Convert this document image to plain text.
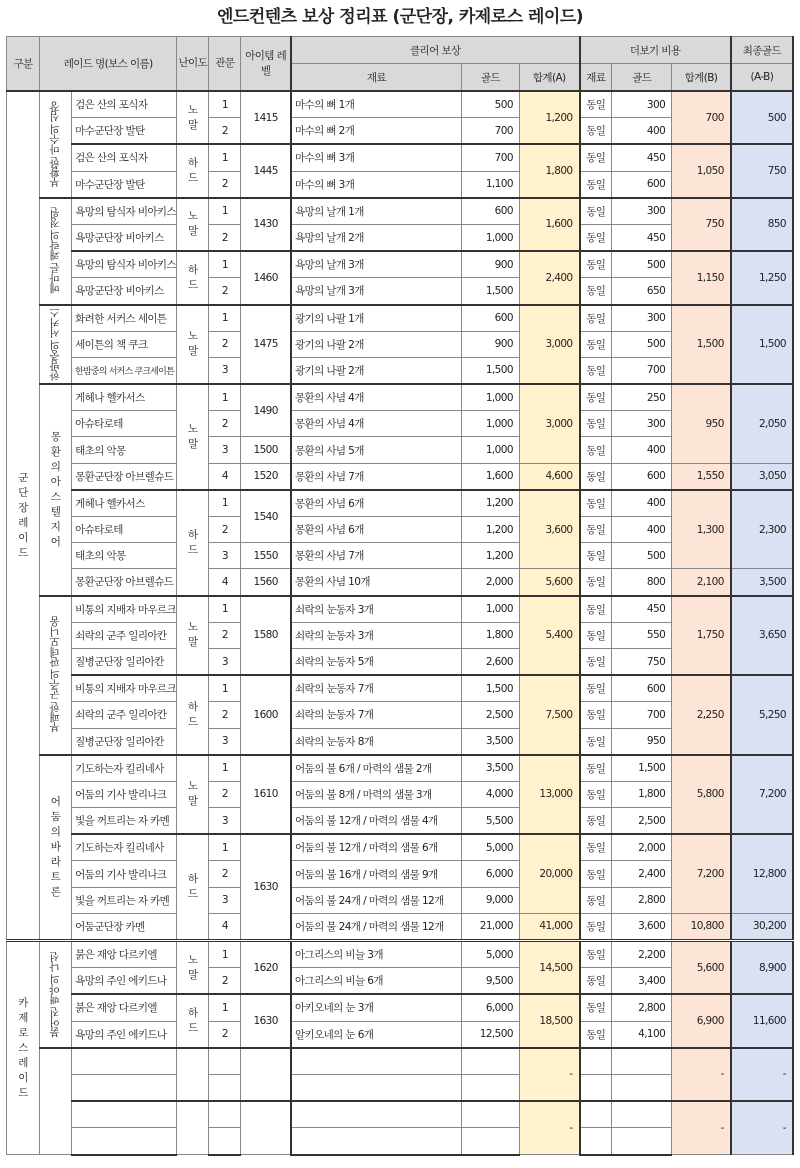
엔드컨텐츠 보상 정리표 (군단장, 카제로스 레이드)
구분	레이드 명(보스 이름)		난이도	관문	아이템 레벨	클리어 보상			더보기 비용			최종골드
						재료	골드	합계(A)	재료	골드	합계(B)	(A-B)
군단장 레이드	부활한 마수의 심장	검은 산의 포식자	노말	1	1415	마수의 뼈 1개	500	1,200	동일	300	700	500
		마수군단장 발탄		2		마수의 뼈 2개	700		동일	400		
		검은 산의 포식자	하드	1	1445	마수의 뼈 3개	700	1,800	동일	450	1,050	750
		마수군단장 발탄		2		마수의 뼈 3개	1,100		동일	600		

	메마른 쾌락의 정원	욕망의 탐식자 비아키스	노말	1	1430	욕망의 날개 1개	600	1,600	동일	300	750	850
		욕망군단장 비아키스		2		욕망의 날개 2개	1,000		동일	450		
		욕망의 탐식자 비아키스	하드	1	1460	욕망의 날개 3개	900	2,400	동일	500	1,150	1,250
		욕망군단장 비아키스		2		욕망의 날개 3개	1,500		동일	650		

	한밤중의 서커스	화려한 서커스 세이튼	노말	1	1475	광기의 나팔 1개	600	3,000	동일	300	1,500	1,500
		세이튼의 책 쿠크		2		광기의 나팔 2개	900		동일	500		
		한밤중의 서커스 쿠크세이튼		3		광기의 나팔 2개	1,500		동일	700		

	몽환의 아스텔지어	게헤나 헬카서스	노말	1	1490	몽환의 사념 4개	1,000	3,000	동일	250	950	2,050
		아슈타로테		2		몽환의 사념 4개	1,000		동일	300		
		태초의 악몽		3	1500	몽환의 사념 5개	1,000		동일	400		
		몽환군단장 아브렐슈드		4	1520	몽환의 사념 7개	1,600	4,600	동일	600	1,550	3,050
		게헤나 헬카서스	하드	1	1540	몽환의 사념 6개	1,200	3,600	동일	400	1,300	2,300
		아슈타로테		2		몽환의 사념 6개	1,200		동일	400		
		태초의 악몽		3	1550	몽환의 사념 7개	1,200		동일	500		
		몽환군단장 아브렐슈드		4	1560	몽환의 사념 10개	2,000	5,600	동일	800	2,100	3,500

	부패한 군주의 판데모니움	비통의 지배자 마우르크	노말	1	1580	쇠락의 눈동자 3개	1,000	5,400	동일	450	1,750	3,650
		쇠락의 군주 일리아칸		2		쇠락의 눈동자 3개	1,800		동일	550		
		질병군단장 일리아칸		3		쇠락의 눈동자 5개	2,600		동일	750		
		비통의 지배자 마우르크	하드	1	1600	쇠락의 눈동자 7개	1,500	7,500	동일	600	2,250	5,250
		쇠락의 군주 일리아칸		2		쇠락의 눈동자 7개	2,500		동일	700		
		질병군단장 일리아칸		3		쇠락의 눈동자 8개	3,500		동일	950		

	어둠의 바라트론	기도하는자 킬리네사	노말	1	1610	어둠의 불 6개 / 마력의 샘물 2개	3,500	13,000	동일	1,500	5,800	7,200
		어둠의 기사 발리나크		2		어둠의 불 8개 / 마력의 샘물 3개	4,000		동일	1,800		
		빛을 꺼트리는 자 카멘		3		어둠의 불 12개 / 마력의 샘물 4개	5,500		동일	2,500		
		기도하는자 킬리네사	하드	1	1630	어둠의 불 12개 / 마력의 샘물 6개	5,000	20,000	동일	2,000	7,200	12,800
		어둠의 기사 발리나크		2		어둠의 불 16개 / 마력의 샘물 9개	6,000		동일	2,400		
		빛을 꺼트리는 자 카멘		3		어둠의 불 24개 / 마력의 샘물 12개	9,000		동일	2,800		
		어둠군단장 카멘		4		어둠의 불 24개 / 마력의 샘물 12개	21,000	41,000	동일	3,600	10,800	30,200
카제로스 레이드	붉어진 백야의 나선	붉은 재앙 다르키엘	노말	1	1620	아그리스의 비늘 3개	5,000	14,500	동일	2,200	5,600	8,900
		욕망의 주인 에키드나		2		아그리스의 비늘 6개	9,500		동일	3,400		
		붉은 재앙 다르키엘	하드	1	1630	아키오네의 눈 3개	6,000	18,500	동일	2,800	6,900	11,600
		욕망의 주인 에키드나		2		알키오네의 눈 6개	12,500		동일	4,100		
								-			-	-

								-			-	-
